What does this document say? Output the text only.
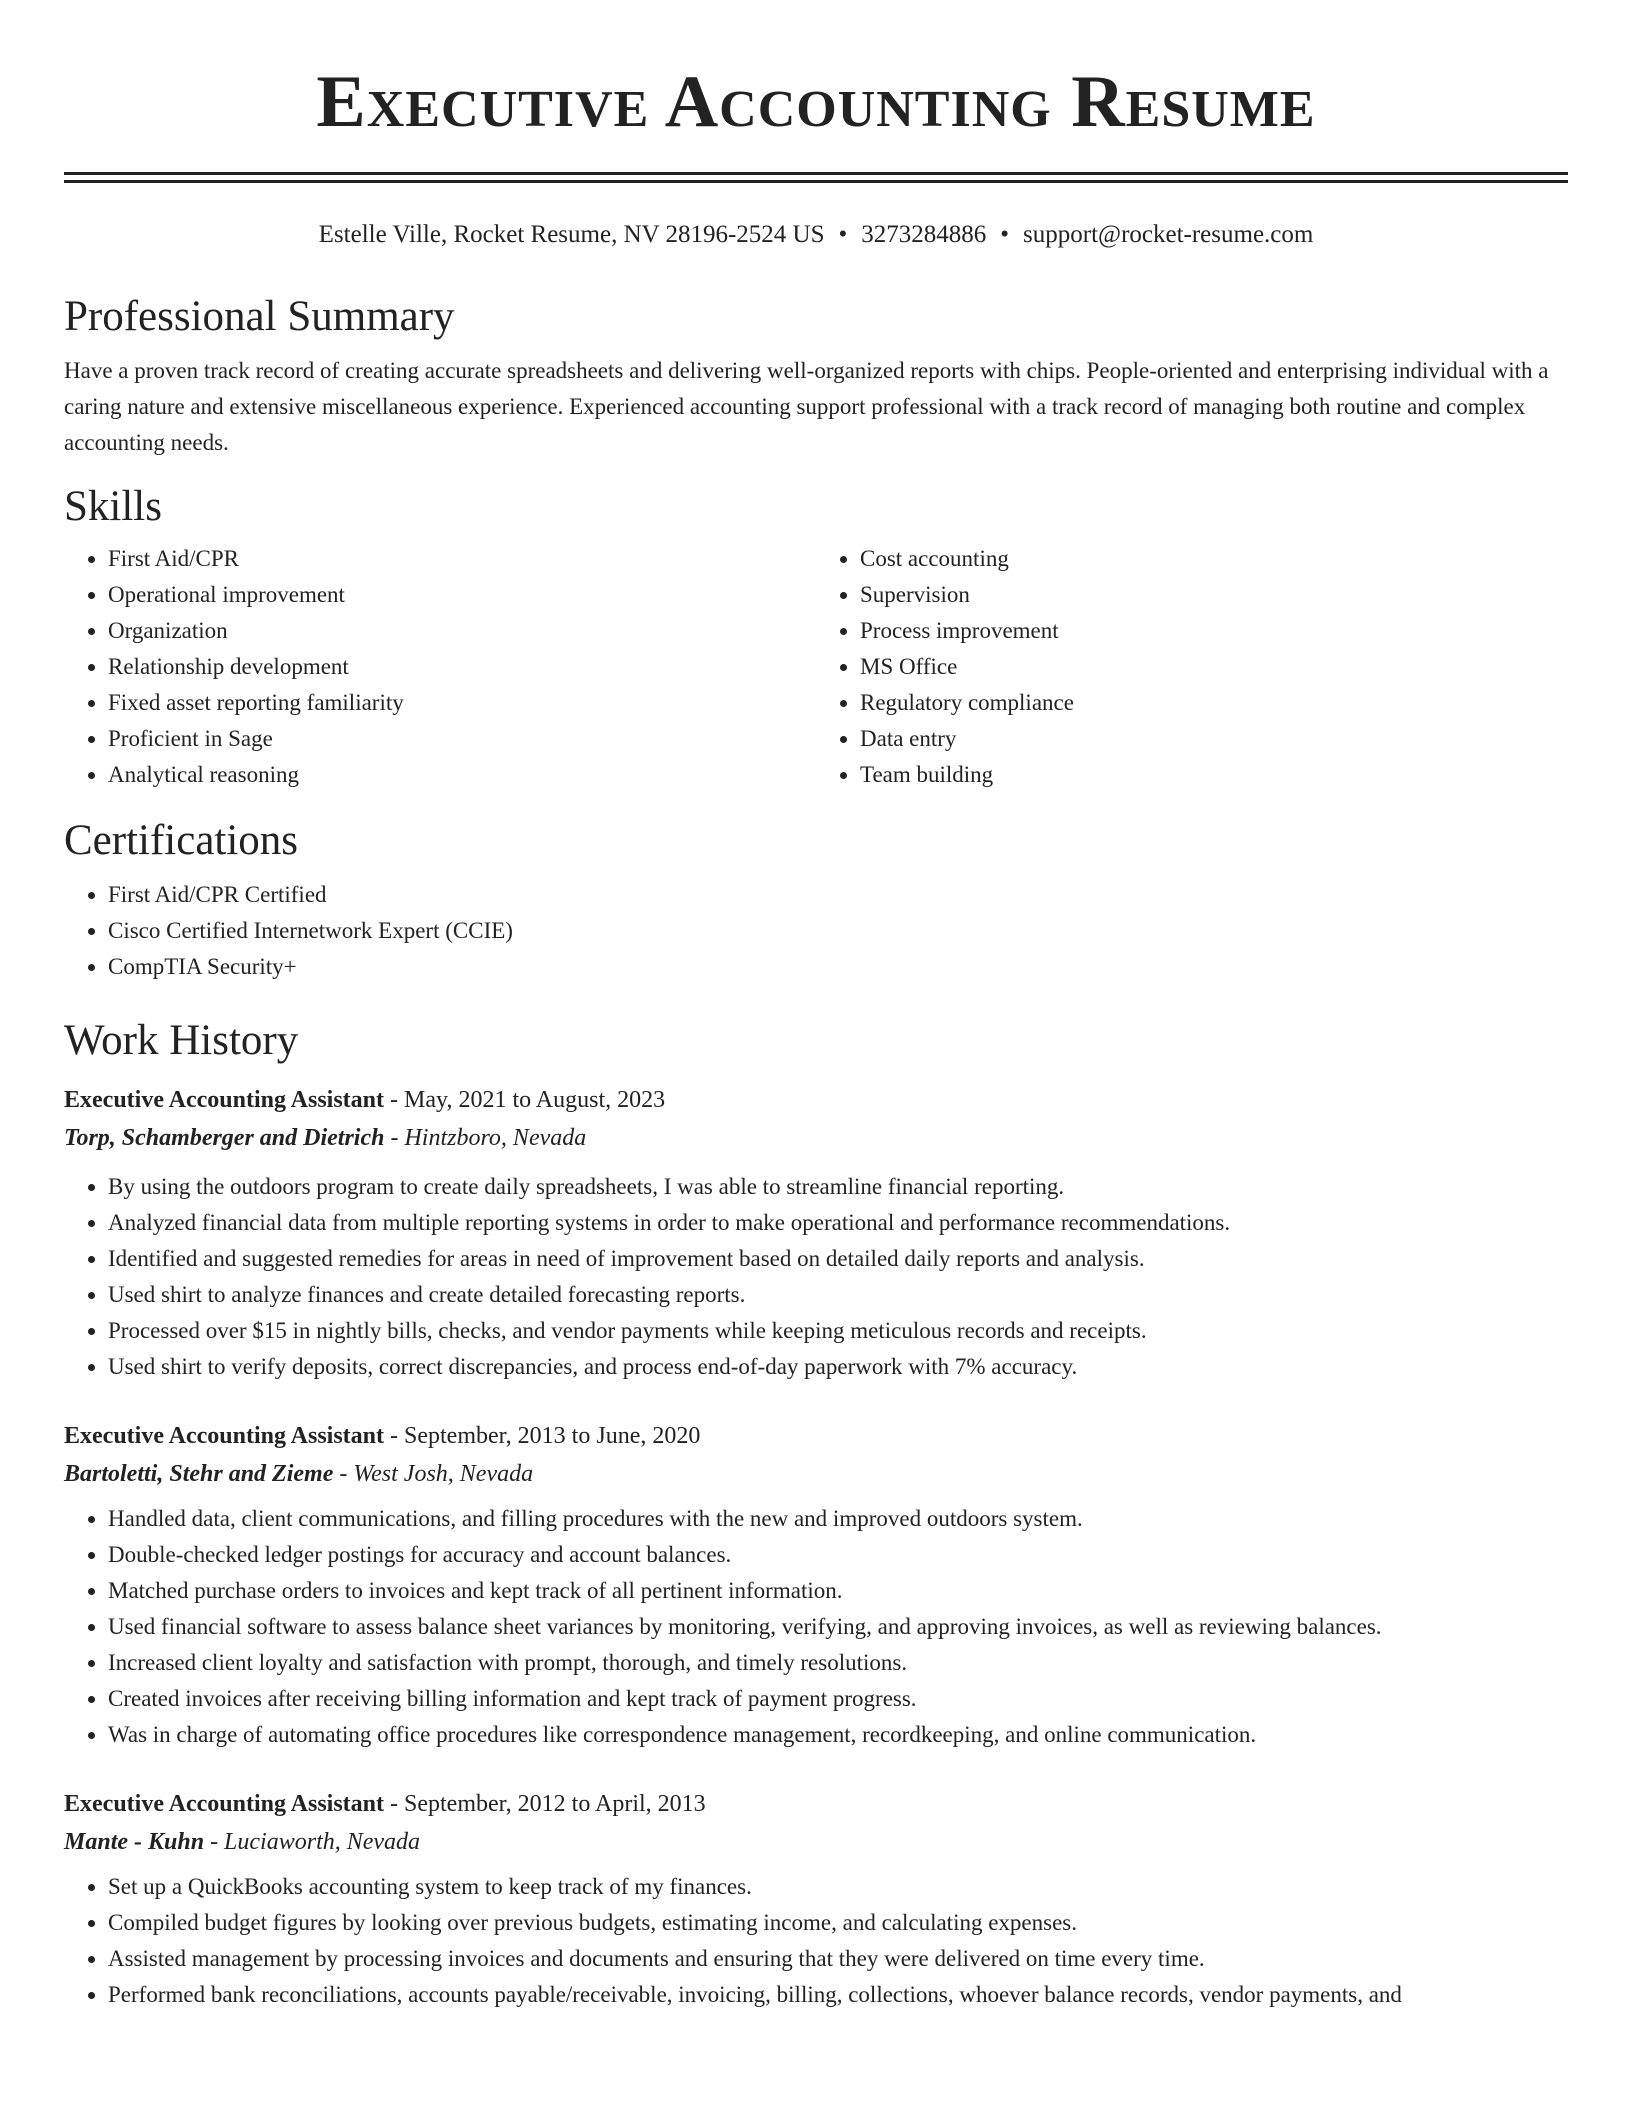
Executive Accounting Resume
Estelle Ville, Rocket Resume, NV 28196-2524 US • 3273284886 • support@rocket-resume.com
Professional Summary

Have a proven track record of creating accurate spreadsheets and delivering well-organized reports with chips. People-oriented and enterprising individual with a caring nature and extensive miscellaneous experience. Experienced accounting support professional with a track record of managing both routine and complex accounting needs.

Skills
• First Aid/CPR
• Operational improvement
• Organization
• Relationship development
• Fixed asset reporting familiarity
• Proficient in Sage
• Analytical reasoning
• Cost accounting
• Supervision
• Process improvement
• MS Office
• Regulatory compliance
• Data entry
• Team building
Certifications
• First Aid/CPR Certified
• Cisco Certified Internetwork Expert (CCIE)
• CompTIA Security+
Work History
Executive Accounting Assistant - May, 2021 to August, 2023
Torp, Schamberger and Dietrich - Hintzboro, Nevada
• By using the outdoors program to create daily spreadsheets, I was able to streamline financial reporting.
• Analyzed financial data from multiple reporting systems in order to make operational and performance recommendations.
• Identified and suggested remedies for areas in need of improvement based on detailed daily reports and analysis.
• Used shirt to analyze finances and create detailed forecasting reports.
• Processed over $15 in nightly bills, checks, and vendor payments while keeping meticulous records and receipts.
• Used shirt to verify deposits, correct discrepancies, and process end-of-day paperwork with 7% accuracy.
Executive Accounting Assistant - September, 2013 to June, 2020
Bartoletti, Stehr and Zieme - West Josh, Nevada
• Handled data, client communications, and filling procedures with the new and improved outdoors system.
• Double-checked ledger postings for accuracy and account balances.
• Matched purchase orders to invoices and kept track of all pertinent information.
• Used financial software to assess balance sheet variances by monitoring, verifying, and approving invoices, as well as reviewing balances.
• Increased client loyalty and satisfaction with prompt, thorough, and timely resolutions.
• Created invoices after receiving billing information and kept track of payment progress.
• Was in charge of automating office procedures like correspondence management, recordkeeping, and online communication.
Executive Accounting Assistant - September, 2012 to April, 2013
Mante - Kuhn - Luciaworth, Nevada
• Set up a QuickBooks accounting system to keep track of my finances.
• Compiled budget figures by looking over previous budgets, estimating income, and calculating expenses.
• Assisted management by processing invoices and documents and ensuring that they were delivered on time every time.
• Performed bank reconciliations, accounts payable/receivable, invoicing, billing, collections, whoever balance records, vendor payments, and
